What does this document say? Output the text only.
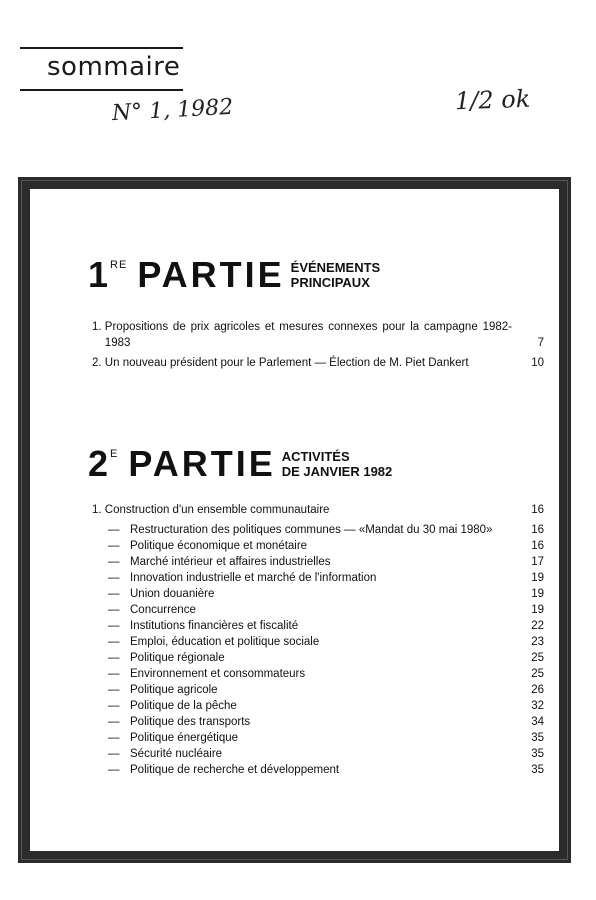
sommaire
N° 1, 1982	1/2 ok
1 RE PARTIE ÉVÉNEMENTS
PRINCIPAUX
1.
Propositions de prix agricoles et mesures connexes pour la campagne 1982-1983	7
2.
Un nouveau président pour le Parlement — Élection de M. Piet Dankert	10
2 E PARTIE ACTIVITÉS
DE JANVIER 1982
1.
Construction d'un ensemble communautaire	16
— Restructuration des politiques communes — «Mandat du 30 mai 1980»	16
— Politique économique et monétaire	16
— Marché intérieur et affaires industrielles	17
— Innovation industrielle et marché de l'information	19
— Union douanière	19
— Concurrence	19
— Institutions financières et fiscalité	22
— Emploi, éducation et politique sociale	23
— Politique régionale	25
— Environnement et consommateurs	25
— Politique agricole	26
— Politique de la pêche	32
— Politique des transports	34
— Politique énergétique	35
— Sécurité nucléaire	35
— Politique de recherche et développement	35
